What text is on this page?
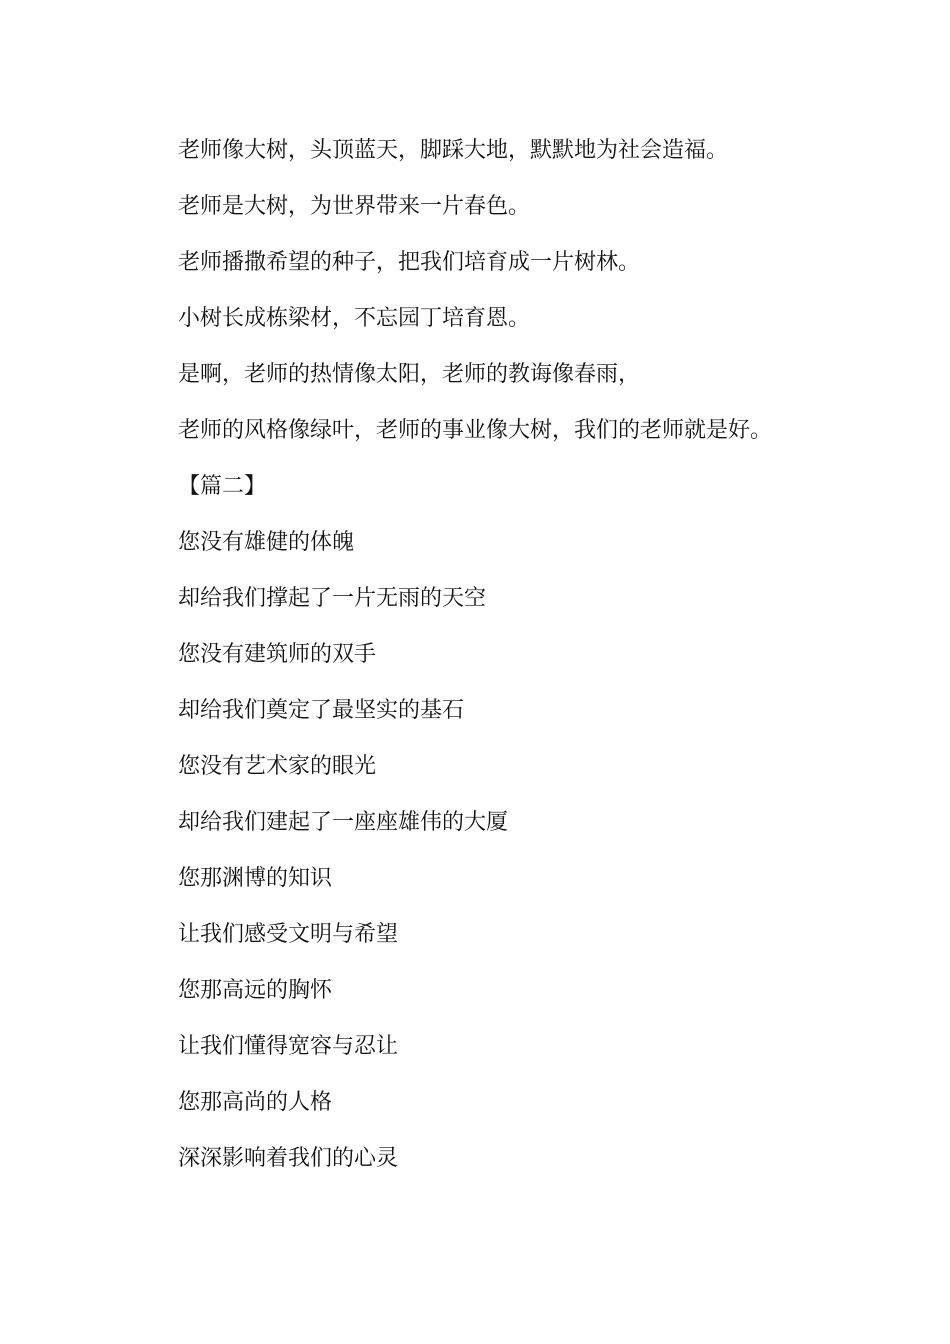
老师像大树，头顶蓝天，脚踩大地，默默地为社会造福。
老师是大树，为世界带来一片春色。
老师播撒希望的种子，把我们培育成一片树林。
小树长成栋梁材，不忘园丁培育恩。
是啊，老师的热情像太阳，老师的教诲像春雨，
老师的风格像绿叶，老师的事业像大树，我们的老师就是好。
【篇二】
您没有雄健的体魄
却给我们撑起了一片无雨的天空
您没有建筑师的双手
却给我们奠定了最坚实的基石
您没有艺术家的眼光
却给我们建起了一座座雄伟的大厦
您那渊博的知识
让我们感受文明与希望
您那高远的胸怀
让我们懂得宽容与忍让
您那高尚的人格
深深影响着我们的心灵
